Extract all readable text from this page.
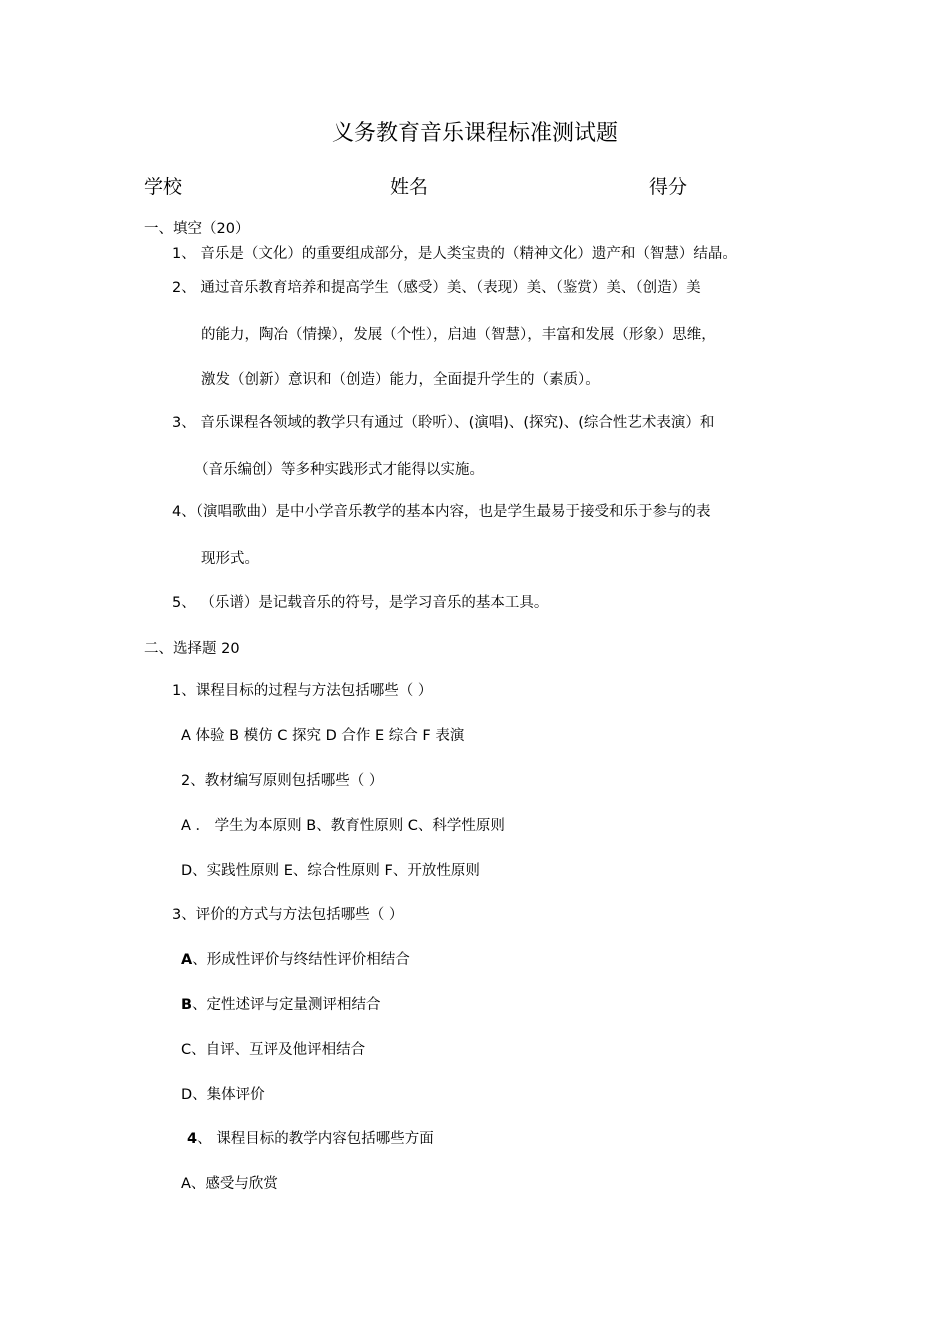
义务教育音乐课程标准测试题
学校	姓名	得分
一、填空（20）
1、 音乐是（文化）的重要组成部分，是人类宝贵的（精神文化）遗产和（智慧）结晶。
2、 通过音乐教育培养和提高学生（感受）美、（表现）美、（鉴赏）美、（创造）美
的能力，陶冶（情操），发展（个性），启迪（智慧），丰富和发展（形象）思维，
激发（创新）意识和（创造）能力，全面提升学生的（素质）。
3、 音乐课程各领域的教学只有通过（聆听）、(演唱)、(探究)、(综合性艺术表演）和
（音乐编创）等多种实践形式才能得以实施。
4、（演唱歌曲）是中小学音乐教学的基本内容，也是学生最易于接受和乐于参与的表
现形式。
5、 （乐谱）是记载音乐的符号，是学习音乐的基本工具。
二、选择题 20
1、课程目标的过程与方法包括哪些（ ）
A 体验 B 模仿 C 探究 D 合作 E 综合 F 表演
2、教材编写原则包括哪些（ ）
A ． 学生为本原则 B、教育性原则 C、科学性原则
D、实践性原则 E、综合性原则 F、开放性原则
3、评价的方式与方法包括哪些（ ）
A、形成性评价与终结性评价相结合
B、定性述评与定量测评相结合
C、自评、互评及他评相结合
D、集体评价
4、 课程目标的教学内容包括哪些方面
A、感受与欣赏
